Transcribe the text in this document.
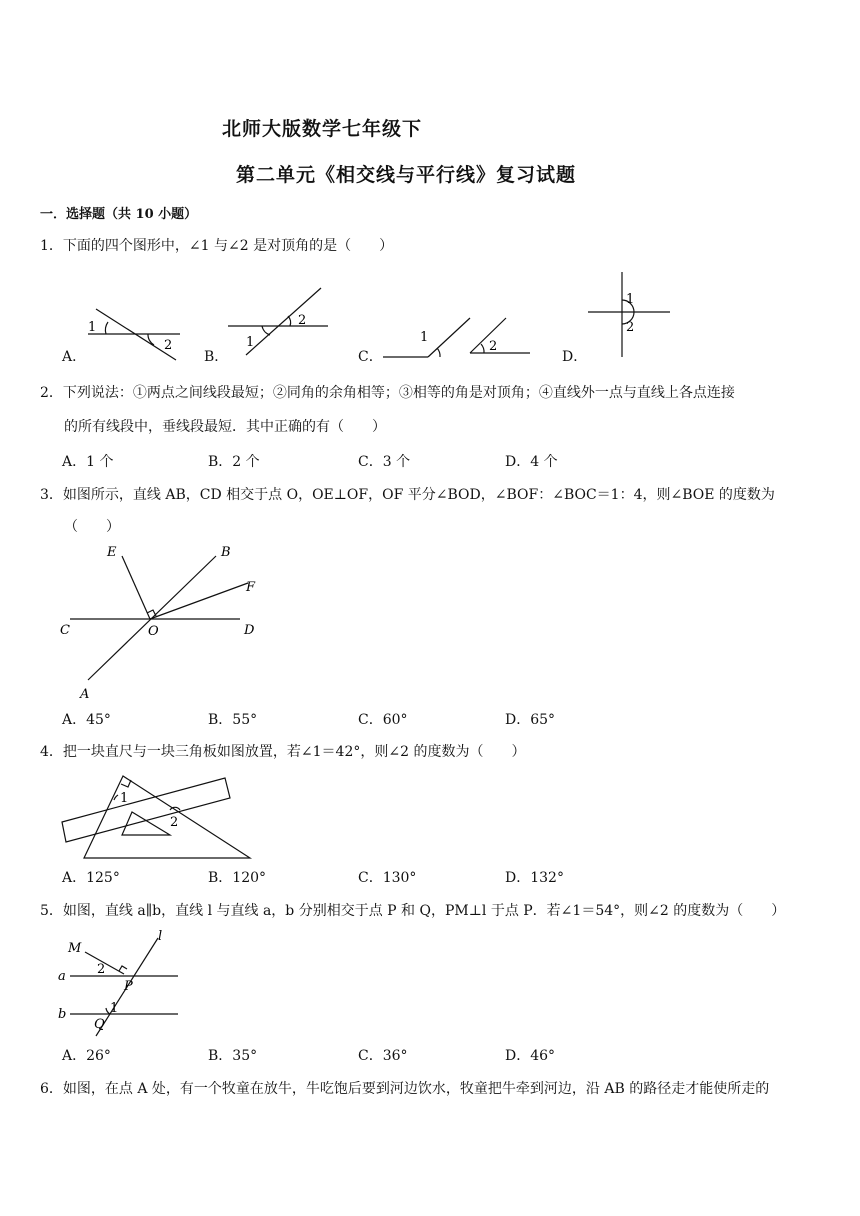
北师大版数学七年级下
第二单元《相交线与平行线》复习试题
一．选择题（共 10 小题）
1．下面的四个图形中，∠1 与∠2 是对顶角的是（　　）
1
2
2
1	1
2
1
2
A．	B．	C．	D．
2．下列说法：①两点之间线段最短；②同角的余角相等；③相等的角是对顶角；④直线外一点与直线上各点连接
的所有线段中，垂线段最短．其中正确的有（　　）
A．1 个	B．2 个	C．3 个	D．4 个
3．如图所示，直线 AB，CD 相交于点 O，OE⊥OF，OF 平分∠BOD，∠BOF：∠BOC＝1：4，则∠BOE 的度数为
（　　）
E	B
F
C	O	D
A
A．45°	B．55°	C．60°	D．65°
4．把一块直尺与一块三角板如图放置，若∠1＝42°，则∠2 的度数为（　　）
1
2
A．125°	B．120°	C．130°	D．132°
5．如图，直线 a∥b，直线 l 与直线 a，b 分别相交于点 P 和 Q，PM⊥l 于点 P．若∠1＝54°，则∠2 的度数为（　　）
M
l
a
b
2
P
1
Q
A．26°	B．35°	C．36°	D．46°
6．如图，在点 A 处，有一个牧童在放牛，牛吃饱后要到河边饮水，牧童把牛牵到河边，沿 AB 的路径走才能使所走的
